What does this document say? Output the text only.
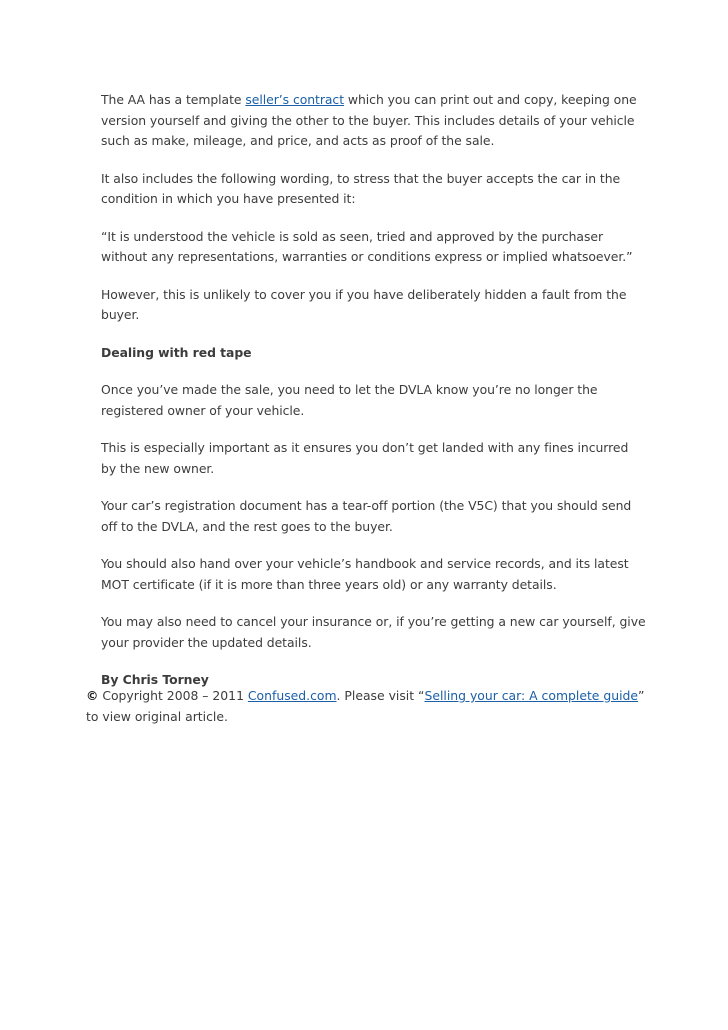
The AA has a template seller’s contract which you can print out and copy, keeping one version yourself and giving the other to the buyer. This includes details of your vehicle such as make, mileage, and price, and acts as proof of the sale.

It also includes the following wording, to stress that the buyer accepts the car in the condition in which you have presented it:

“It is understood the vehicle is sold as seen, tried and approved by the purchaser without any representations, warranties or conditions express or implied whatsoever.”

However, this is unlikely to cover you if you have deliberately hidden a fault from the buyer.

Dealing with red tape

Once you’ve made the sale, you need to let the DVLA know you’re no longer the registered owner of your vehicle.

This is especially important as it ensures you don’t get landed with any fines incurred by the new owner.

Your car’s registration document has a tear-off portion (the V5C) that you should send off to the DVLA, and the rest goes to the buyer.

You should also hand over your vehicle’s handbook and service records, and its latest MOT certificate (if it is more than three years old) or any warranty details.

You may also need to cancel your insurance or, if you’re getting a new car yourself, give your provider the updated details.

By Chris Torney

© Copyright 2008 – 2011 Confused.com. Please visit “Selling your car: A complete guide” to view original article.
